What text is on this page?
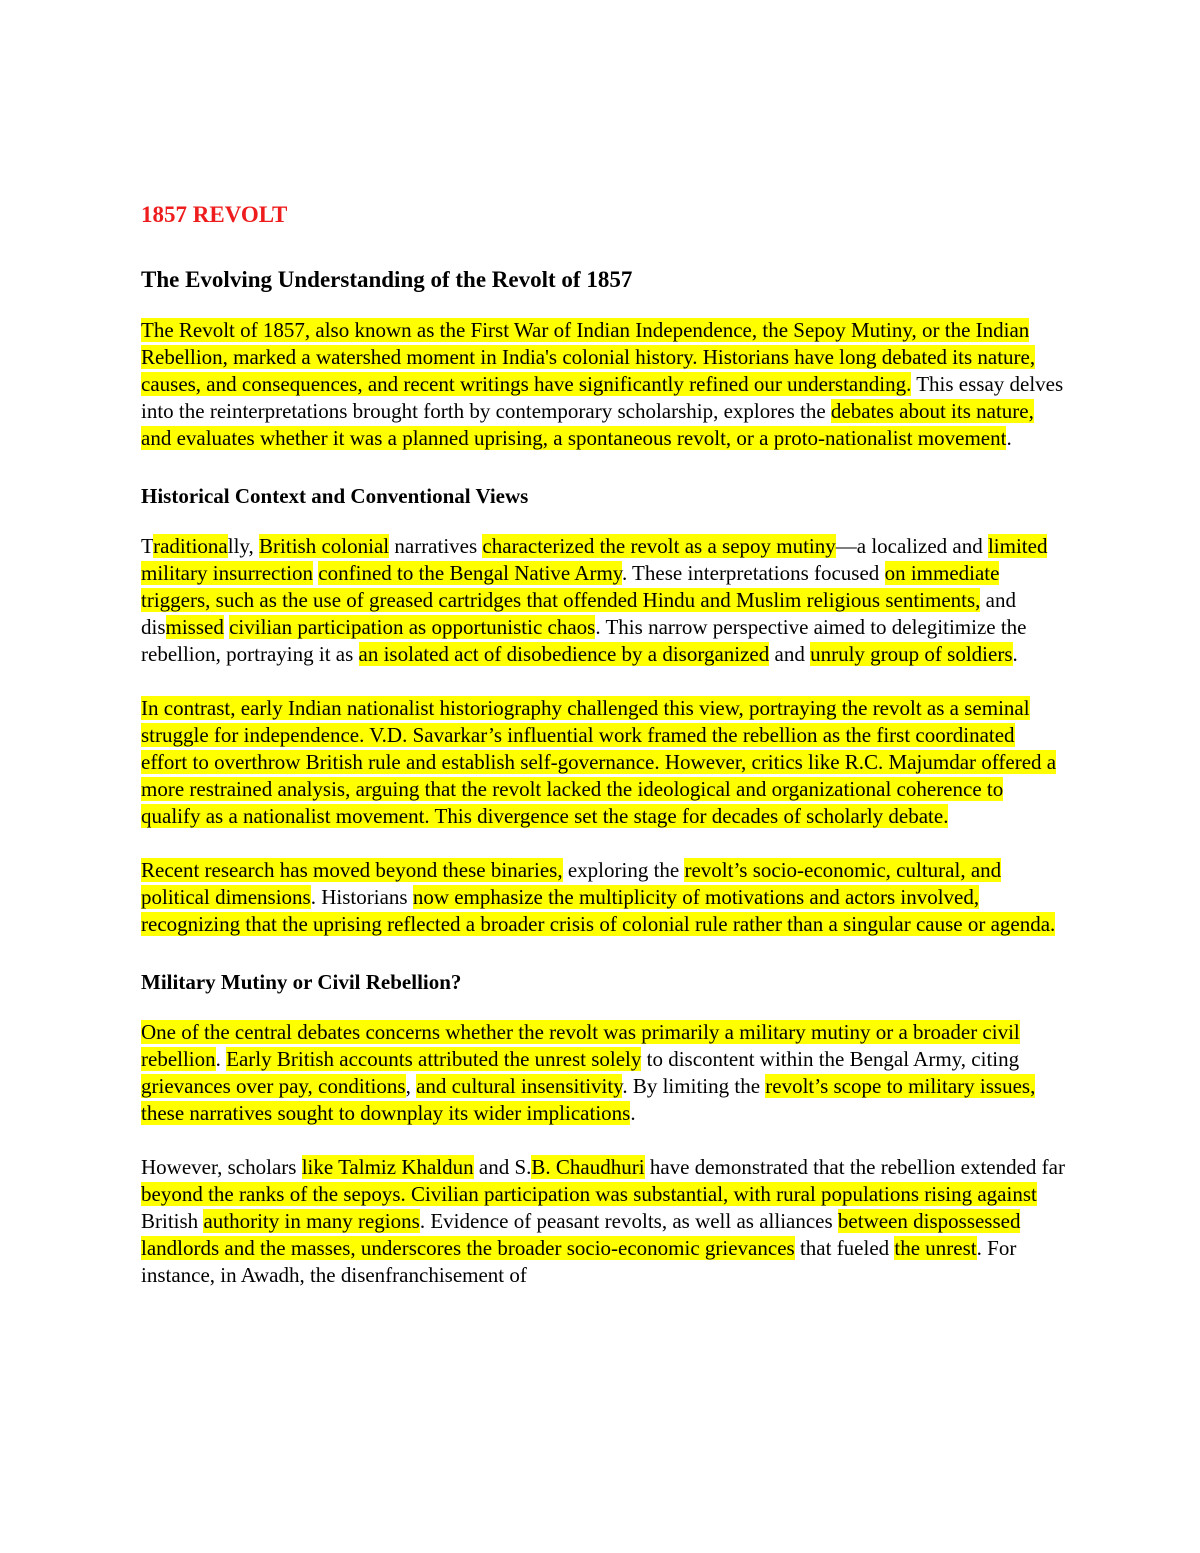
1857 REVOLT
The Evolving Understanding of the Revolt of 1857

The Revolt of 1857, also known as the First War of Indian Independence, the Sepoy Mutiny, or the Indian Rebellion, marked a watershed moment in India's colonial history. Historians have long debated its nature, causes, and consequences, and recent writings have significantly refined our understanding. This essay delves into the reinterpretations brought forth by contemporary scholarship, explores the debates about its nature, and evaluates whether it was a planned uprising, a spontaneous revolt, or a proto-nationalist movement.

Historical Context and Conventional Views

Traditionally, British colonial narratives characterized the revolt as a sepoy mutiny—a localized and limited military insurrection confined to the Bengal Native Army. These interpretations focused on immediate triggers, such as the use of greased cartridges that offended Hindu and Muslim religious sentiments, and dismissed civilian participation as opportunistic chaos. This narrow perspective aimed to delegitimize the rebellion, portraying it as an isolated act of disobedience by a disorganized and unruly group of soldiers.

In contrast, early Indian nationalist historiography challenged this view, portraying the revolt as a seminal struggle for independence. V.D. Savarkar’s influential work framed the rebellion as the first coordinated effort to overthrow British rule and establish self-governance. However, critics like R.C. Majumdar offered a more restrained analysis, arguing that the revolt lacked the ideological and organizational coherence to qualify as a nationalist movement. This divergence set the stage for decades of scholarly debate.

Recent research has moved beyond these binaries, exploring the revolt’s socio-economic, cultural, and political dimensions. Historians now emphasize the multiplicity of motivations and actors involved, recognizing that the uprising reflected a broader crisis of colonial rule rather than a singular cause or agenda.

Military Mutiny or Civil Rebellion?

One of the central debates concerns whether the revolt was primarily a military mutiny or a broader civil rebellion. Early British accounts attributed the unrest solely to discontent within the Bengal Army, citing grievances over pay, conditions, and cultural insensitivity. By limiting the revolt’s scope to military issues, these narratives sought to downplay its wider implications.

However, scholars like Talmiz Khaldun and S.B. Chaudhuri have demonstrated that the rebellion extended far beyond the ranks of the sepoys. Civilian participation was substantial, with rural populations rising against British authority in many regions. Evidence of peasant revolts, as well as alliances between dispossessed landlords and the masses, underscores the broader socio-economic grievances that fueled the unrest. For instance, in Awadh, the disenfranchisement of
